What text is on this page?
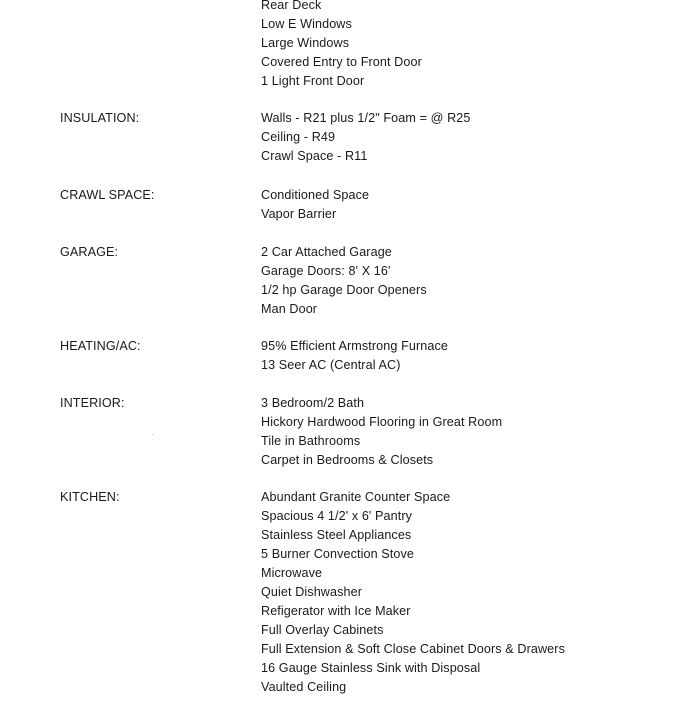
Rear Deck
Low E Windows
Large Windows
Covered Entry to Front Door
1 Light Front Door
INSULATION:	Walls - R21 plus 1/2" Foam = @ R25
Ceiling - R49
Crawl Space - R11
CRAWL SPACE:	Conditioned Space
Vapor Barrier
GARAGE:	2 Car Attached Garage
Garage Doors: 8' X 16'
1/2 hp Garage Door Openers
Man Door
HEATING/AC:	95% Efficient Armstrong Furnace
13 Seer AC (Central AC)
INTERIOR:	3 Bedroom/2 Bath
Hickory Hardwood Flooring in Great Room
Tile in Bathrooms
Carpet in Bedrooms & Closets
KITCHEN:	Abundant Granite Counter Space
Spacious 4 1/2' x 6' Pantry
Stainless Steel Appliances
5 Burner Convection Stove
Microwave
Quiet Dishwasher
Refigerator with Ice Maker
Full Overlay Cabinets
Full Extension & Soft Close Cabinet Doors & Drawers
16 Gauge Stainless Sink with Disposal
Vaulted Ceiling
